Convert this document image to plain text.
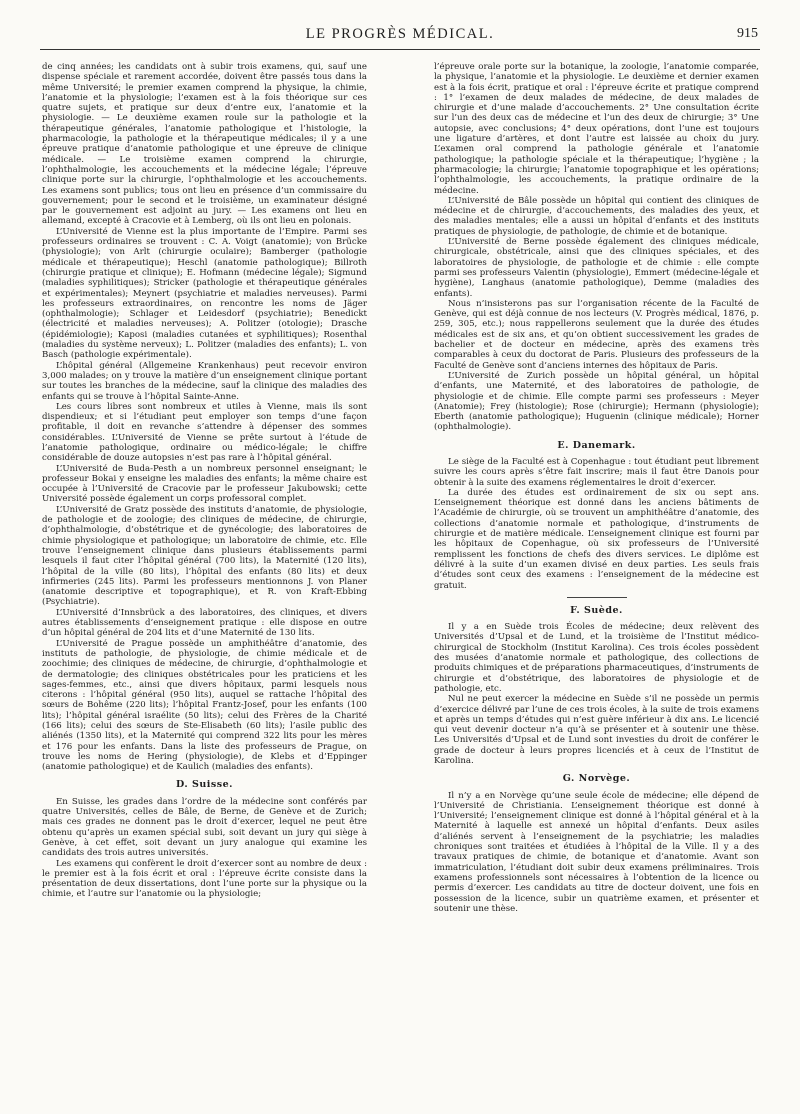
LE PROGRÈS MÉDICAL.	915

de cinq années; les candidats ont à subir trois examens, qui, sauf une dispense spéciale et rarement accordée, doivent être passés tous dans la même Université; le premier examen comprend la physique, la chimie, l’anatomie et la physiologie; l’examen est à la fois théorique sur ces quatre sujets, et pratique sur deux d’entre eux, l’anatomie et la physiologie. — Le deuxième examen roule sur la pathologie et la thérapeutique générales, l’anatomie pathologique et l’histologie, la pharmacologie, la pathologie et la thérapeutique médicales; il y a une épreuve pratique d’anatomie pathologique et une épreuve de clinique médicale. — Le troisième examen comprend la chirurgie, l’ophthalmologie, les accouchements et la médecine légale; l’épreuve clinique porte sur la chirurgie, l’ophthalmologie et les accouchements. Les examens sont publics; tous ont lieu en présence d’un commissaire du gouvernement; pour le second et le troisième, un examinateur désigné par le gouvernement est adjoint au jury. — Les examens ont lieu en allemand, excepté à Cracovie et à Lemberg, où ils ont lieu en polonais.

L’Université de Vienne est la plus importante de l’Empire. Parmi ses professeurs ordinaires se trouvent : C. A. Voigt (anatomie); von Brücke (physiologie); von Arlt (chirurgie oculaire); Bamberger (pathologie médicale et thérapeutique); Heschl (anatomie pathologique); Billroth (chirurgie pratique et clinique); E. Hofmann (médecine légale); Sigmund (maladies syphilitiques); Stricker (pathologie et thérapeutique générales et expérimentales); Meynert (psychiatrie et maladies nerveuses). Parmi les professeurs extraordinaires, on rencontre les noms de Jäger (ophthalmologie); Schlager et Leidesdorf (psychiatrie); Benedickt (électricité et maladies nerveuses); A. Politzer (otologie); Drasche (épidémiologie); Kaposi (maladies cutanées et syphilitiques); Rosenthal (maladies du système nerveux); L. Politzer (maladies des enfants); L. von Basch (pathologie expérimentale).

L’hôpital général (Allgemeine Krankenhaus) peut recevoir environ 3,000 malades; on y trouve la matière d’un enseignement clinique portant sur toutes les branches de la médecine, sauf la clinique des maladies des enfants qui se trouve à l’hôpital Sainte-Anne.

Les cours libres sont nombreux et utiles à Vienne, mais ils sont dispendieux; et si l’étudiant peut employer son temps d’une façon profitable, il doit en revanche s’attendre à dépenser des sommes considérables. L’Université de Vienne se prête surtout à l’étude de l’anatomie pathologique, ordinaire ou médico-légale; le chiffre considérable de douze autopsies n’est pas rare à l’hôpital général.

L’Université de Buda-Pesth a un nombreux personnel enseignant; le professeur Bokai y enseigne les maladies des enfants; la même chaire est occupée à l’Université de Cracovie par le professeur Jakubowski; cette Université possède également un corps professoral complet.

L’Université de Gratz possède des instituts d’anatomie, de physiologie, de pathologie et de zoologie; des cliniques de médecine, de chirurgie, d’ophthalmologie, d’obstétrique et de gynécologie; des laboratoires de chimie physiologique et pathologique; un laboratoire de chimie, etc. Elle trouve l’enseignement clinique dans plusieurs établissements parmi lesquels il faut citer l’hôpital général (700 lits), la Maternité (120 lits), l’hôpital de la ville (80 lits), l’hôpital des enfants (80 lits) et deux infirmeries (245 lits). Parmi les professeurs mentionnons J. von Planer (anatomie descriptive et topographique), et R. von Kraft-Ebbing (Psychiatrie).

L’Université d’Innsbrück a des laboratoires, des cliniques, et divers autres établissements d’enseignement pratique : elle dispose en outre d’un hôpital général de 204 lits et d’une Maternité de 130 lits.

L’Université de Prague possède un amphithéâtre d’anatomie, des instituts de pathologie, de physiologie, de chimie médicale et de zoochimie; des cliniques de médecine, de chirurgie, d’ophthalmologie et de dermatologie; des cliniques obstétricales pour les praticiens et les sages-femmes, etc., ainsi que divers hôpitaux, parmi lesquels nous citerons : l’hôpital général (950 lits), auquel se rattache l’hôpital des sœurs de Bohême (220 lits); l’hôpital Frantz-Josef, pour les enfants (100 lits); l’hôpital général israélite (50 lits); celui des Frères de la Charité (166 lits); celui des sœurs de Ste-Elisabeth (60 lits); l’asile public des aliénés (1350 lits), et la Maternité qui comprend 322 lits pour les mères et 176 pour les enfants. Dans la liste des professeurs de Prague, on trouve les noms de Hering (physiologie), de Klebs et d’Eppinger (anatomie pathologique) et de Kaulich (maladies des enfants).

D. Suisse.

En Suisse, les grades dans l’ordre de la médecine sont conférés par quatre Universités, celles de Bâle, de Berne, de Genève et de Zurich; mais ces grades ne donnent pas le droit d’exercer, lequel ne peut être obtenu qu’après un examen spécial subi, soit devant un jury qui siège à Genève, à cet effet, soit devant un jury analogue qui examine les candidats des trois autres universités.

Les examens qui confèrent le droit d’exercer sont au nombre de deux : le premier est à la fois écrit et oral : l’épreuve écrite consiste dans la présentation de deux dissertations, dont l’une porte sur la physique ou la chimie, et l’autre sur l’anatomie ou la physiologie;

l’épreuve orale porte sur la botanique, la zoologie, l’anatomie comparée, la physique, l’anatomie et la physiologie. Le deuxième et dernier examen est à la fois écrit, pratique et oral : l’épreuve écrite et pratique comprend : 1° l’examen de deux malades de médecine, de deux malades de chirurgie et d’une malade d’accouchements. 2° Une consultation écrite sur l’un des deux cas de médecine et l’un des deux de chirurgie; 3° Une autopsie, avec conclusions; 4° deux opérations, dont l’une est toujours une ligature d’artères, et dont l’autre est laissée au choix du jury. L’examen oral comprend la pathologie générale et l’anatomie pathologique; la pathologie spéciale et la thérapeutique; l’hygiène ; la pharmacologie; la chirurgie; l’anatomie topographique et les opérations; l’ophthalmologie, les accouchements, la pratique ordinaire de la médecine.

L’Université de Bâle possède un hôpital qui contient des cliniques de médecine et de chirurgie, d’accouchements, des maladies des yeux, et des maladies mentales; elle a aussi un hôpital d’enfants et des instituts pratiques de physiologie, de pathologie, de chimie et de botanique.

L’Université de Berne possède également des cliniques médicale, chirurgicale, obstétricale, ainsi que des cliniques spéciales, et des laboratoires de physiologie, de pathologie et de chimie : elle compte parmi ses professeurs Valentin (physiologie), Emmert (médecine-légale et hygiène), Langhaus (anatomie pathologique), Demme (maladies des enfants).

Nous n’insisterons pas sur l’organisation récente de la Faculté de Genève, qui est déjà connue de nos lecteurs (V. Progrès médical, 1876, p. 259, 305, etc.); nous rappellerons seulement que la durée des études médicales est de six ans, et qu’on obtient successivement les grades de bachelier et de docteur en médecine, après des examens très comparables à ceux du doctorat de Paris. Plusieurs des professeurs de la Faculté de Genève sont d’anciens internes des hôpitaux de Paris.

L’Université de Zurich possède un hôpital général, un hôpital d’enfants, une Maternité, et des laboratoires de pathologie, de physiologie et de chimie. Elle compte parmi ses professeurs : Meyer (Anatomie); Frey (histologie); Rose (chirurgie); Hermann (physiologie); Eberth (anatomie pathologique); Huguenin (clinique médicale); Horner (ophthalmologie).

E. Danemark.

Le siège de la Faculté est à Copenhague : tout étudiant peut librement suivre les cours après s’être fait inscrire; mais il faut être Danois pour obtenir à la suite des examens réglementaires le droit d’exercer.

La durée des études est ordinairement de six ou sept ans. L’enseignement théorique est donné dans les anciens bâtiments de l’Académie de chirurgie, où se trouvent un amphithéâtre d’anatomie, des collections d’anatomie normale et pathologique, d’instruments de chirurgie et de matière médicale. L’enseignement clinique est fourni par les hôpitaux de Copenhague, où six professeurs de l’Université remplissent les fonctions de chefs des divers services. Le diplôme est délivré à la suite d’un examen divisé en deux parties. Les seuls frais d’études sont ceux des examens : l’enseignement de la médecine est gratuit.

F. Suède.

Il y a en Suède trois Écoles de médecine; deux relèvent des Universités d’Upsal et de Lund, et la troisième de l’Institut médico-chirurgical de Stockholm (Institut Karolina). Ces trois écoles possèdent des musées d’anatomie normale et pathologique, des collections de produits chimiques et de préparations pharmaceutiques, d’instruments de chirurgie et d’obstétrique, des laboratoires de physiologie et de pathologie, etc.

Nul ne peut exercer la médecine en Suède s’il ne possède un permis d’exercice délivré par l’une de ces trois écoles, à la suite de trois examens et après un temps d’études qui n’est guère inférieur à dix ans. Le licencié qui veut devenir docteur n’a qu’à se présenter et à soutenir une thèse. Les Universités d’Upsal et de Lund sont investies du droit de conférer le grade de docteur à leurs propres licenciés et à ceux de l’Institut de Karolina.

G. Norvège.

Il n’y a en Norvège qu’une seule école de médecine; elle dépend de l’Université de Christiania. L’enseignement théorique est donné à l’Université; l’enseignement clinique est donné à l’hôpital général et à la Maternité à laquelle est annexé un hôpital d’enfants. Deux asiles d’aliénés servent à l’enseignement de la psychiatrie; les maladies chroniques sont traitées et étudiées à l’hôpital de la Ville. Il y a des travaux pratiques de chimie, de botanique et d’anatomie. Avant son immatriculation, l’étudiant doit subir deux examens préliminaires. Trois examens professionnels sont nécessaires à l’obtention de la licence ou permis d’exercer. Les candidats au titre de docteur doivent, une fois en possession de la licence, subir un quatrième examen, et présenter et soutenir une thèse.
